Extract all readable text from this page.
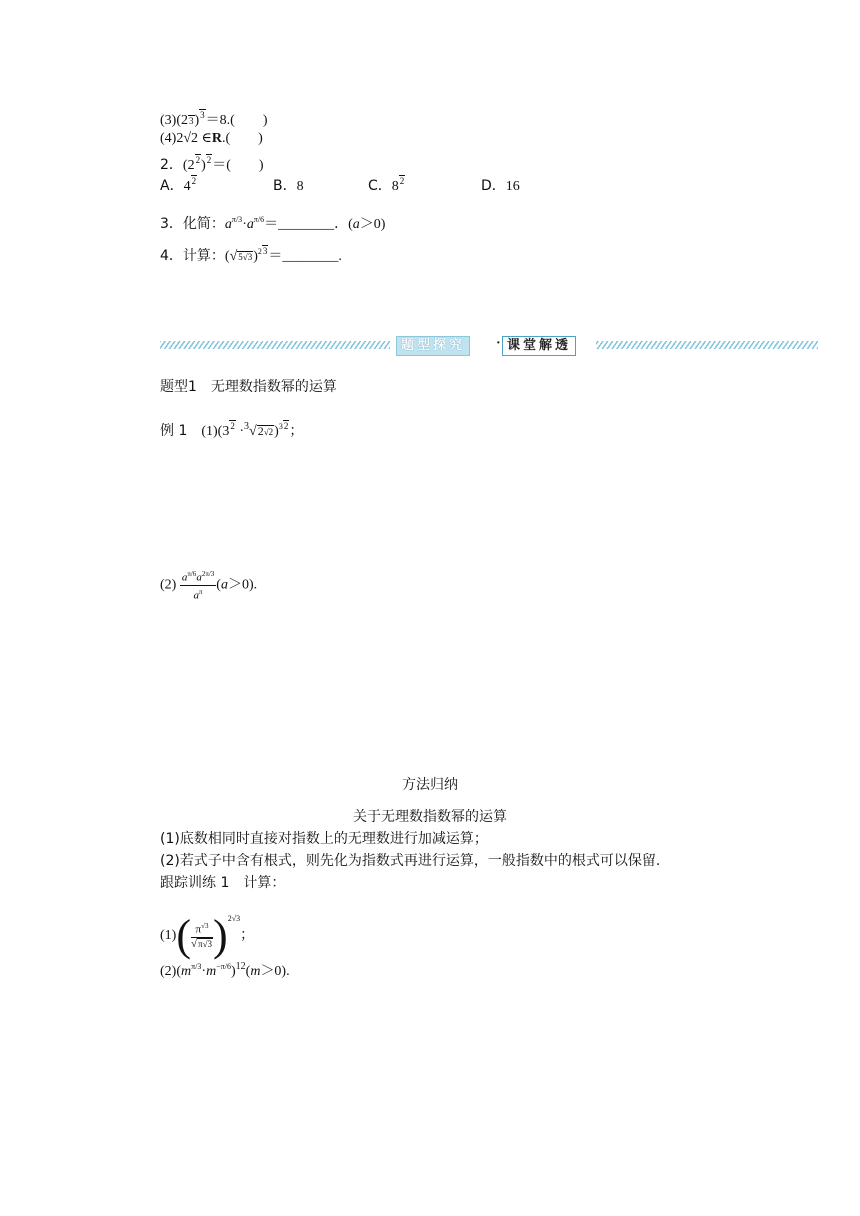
$(3)(23)^3=8$.(　　)
(4)2√2 ∈R.(　　)
2．$(2^2)^2=$(　　)
A．$4^2$	B．8	C．$8^2$	D．16
3．化简：$a^{\pi/3}\cdot a^{\pi/6}=\_\_\_\_\_\_\_\_$．(a＞0)
4．计算：$(√5√3)^{23}=\_\_\_\_\_\_\_\_$.
题型探究	· 课堂解透
题型1　无理数指数幂的运算
例 1　$(1)(3^2 \cdot^3√2√2)^{32}$；
$(2) \frac{a^{\pi/6}a^{2\pi/3}}{a^\pi} (a>0)$.
方法归纳
关于无理数指数幂的运算
(1)底数相同时直接对指数上的无理数进行加减运算；
(2)若式子中含有根式，则先化为指数式再进行运算，一般指数中的根式可以保留.
跟踪训练 1　计算：
$(1)( \frac{\pi^{√3}}{√\pi√3} )^{2√3}$；
$(2)(m^{\pi/3}\cdot m^{-\pi/6})^{12}(m>0)$.
